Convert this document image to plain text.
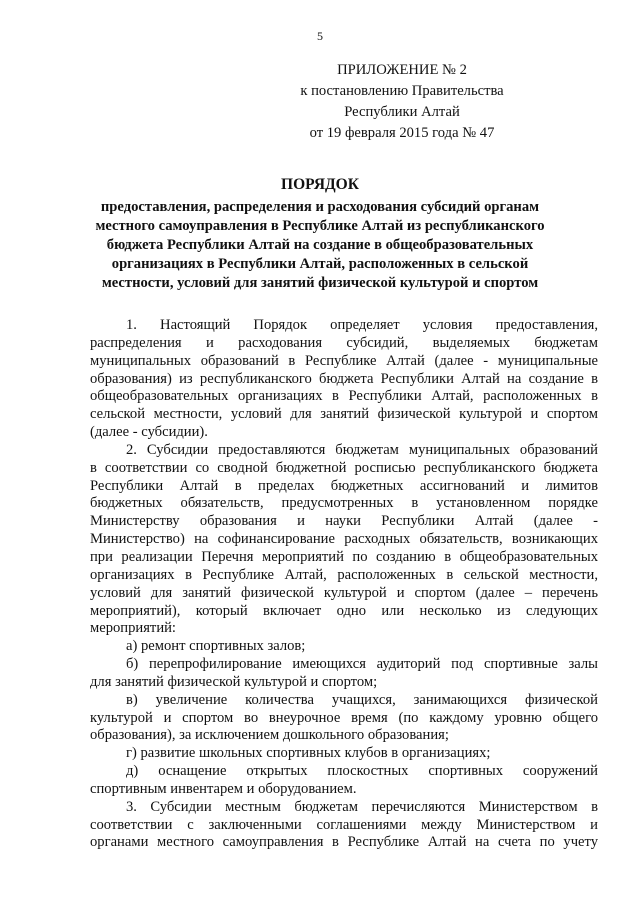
5
ПРИЛОЖЕНИЕ № 2
к постановлению Правительства
Республики Алтай
от 19 февраля 2015 года № 47
ПОРЯДОК
предоставления, распределения и расходования субсидий органам
местного самоуправления в Республике Алтай из республиканского
бюджета Республики Алтай на создание в общеобразовательных
организациях в Республики Алтай, расположенных в сельской
местности, условий для занятий физической культурой и спортом
1. Настоящий Порядок определяет условия предоставления,
распределения и расходования субсидий, выделяемых бюджетам
муниципальных образований в Республике Алтай (далее - муниципальные
образования) из республиканского бюджета Республики Алтай на создание в
общеобразовательных организациях в Республики Алтай, расположенных в
сельской местности, условий для занятий физической культурой и спортом
(далее - субсидии).
2. Субсидии предоставляются бюджетам муниципальных образований
в соответствии со сводной бюджетной росписью республиканского бюджета
Республики Алтай в пределах бюджетных ассигнований и лимитов
бюджетных обязательств, предусмотренных в установленном порядке
Министерству образования и науки Республики Алтай (далее -
Министерство) на софинансирование расходных обязательств, возникающих
при реализации Перечня мероприятий по созданию в общеобразовательных
организациях в Республике Алтай, расположенных в сельской местности,
условий для занятий физической культурой и спортом (далее – перечень
мероприятий), который включает одно или несколько из следующих
мероприятий:
а) ремонт спортивных залов;
б) перепрофилирование имеющихся аудиторий под спортивные залы
для занятий физической культурой и спортом;
в) увеличение количества учащихся, занимающихся физической
культурой и спортом во внеурочное время (по каждому уровню общего
образования), за исключением дошкольного образования;
г) развитие школьных спортивных клубов в организациях;
д) оснащение открытых плоскостных спортивных сооружений
спортивным инвентарем и оборудованием.
3. Субсидии местным бюджетам перечисляются Министерством в
соответствии с заключенными соглашениями между Министерством и
органами местного самоуправления в Республике Алтай на счета по учету
